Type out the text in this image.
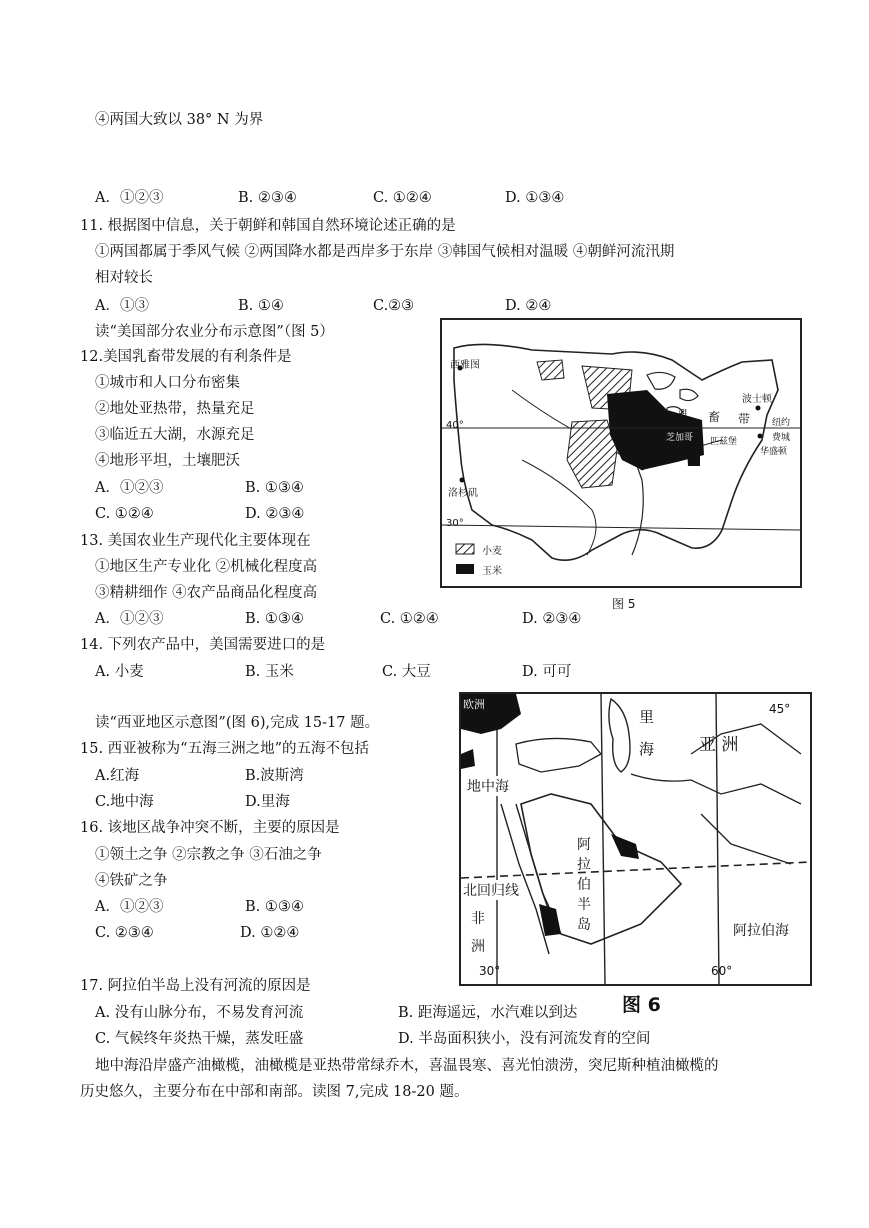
④两国大致以 38° N 为界
A．①②③	B. ②③④	C. ①②④	D. ①③④
11. 根据图中信息，关于朝鲜和韩国自然环境论述正确的是
①两国都属于季风气候 ②两国降水都是西岸多于东岸 ③韩国气候相对温暖 ④朝鲜河流汛期
相对较长
A．①③	B. ①④	C.②③	D. ②④
读“美国部分农业分布示意图”（图 5）
12.美国乳畜带发展的有利条件是
①城市和人口分布密集
②地处亚热带，热量充足
③临近五大湖，水源充足
④地形平坦，土壤肥沃
A．①②③	B. ①③④
C. ①②④	D. ②③④
13. 美国农业生产现代化主要体现在
①地区生产专业化 ②机械化程度高
③精耕细作 ④农产品商品化程度高
A．①②③	B. ①③④	C. ①②④	D. ②③④
14. 下列农产品中，美国需要进口的是
A. 小麦	B. 玉米	C. 大豆	D. 可可
读“西亚地区示意图”(图 6),完成 15-17 题。
15. 西亚被称为“五海三洲之地”的五海不包括
A.红海	B.波斯湾
C.地中海	D.里海
16. 该地区战争冲突不断，主要的原因是
①领土之争 ②宗教之争 ③石油之争
④铁矿之争
A．①②③	B. ①③④
C. ②③④	D. ①②④
17. 阿拉伯半岛上没有河流的原因是
A. 没有山脉分布，不易发育河流	B. 距海遥远，水汽难以到达
C. 气候终年炎热干燥，蒸发旺盛	D. 半岛面积狭小，没有河流发育的空间
地中海沿岸盛产油橄榄，油橄榄是亚热带常绿乔木，喜温畏寒、喜光怕溃涝，突尼斯种植油橄榄的
历史悠久，主要分布在中部和南部。读图 7,完成 18-20 题。
西雅图
波士顿
纽约
费城
华盛顿
芝加哥 匹兹堡
洛杉矶
40°
30°
乳 畜 带
小麦
玉米
图 5
欧洲
里
海	亚 洲
45°
地中海
阿
拉
伯
半
岛
北回归线
非
洲
阿拉伯海
30°	60°
图 6
